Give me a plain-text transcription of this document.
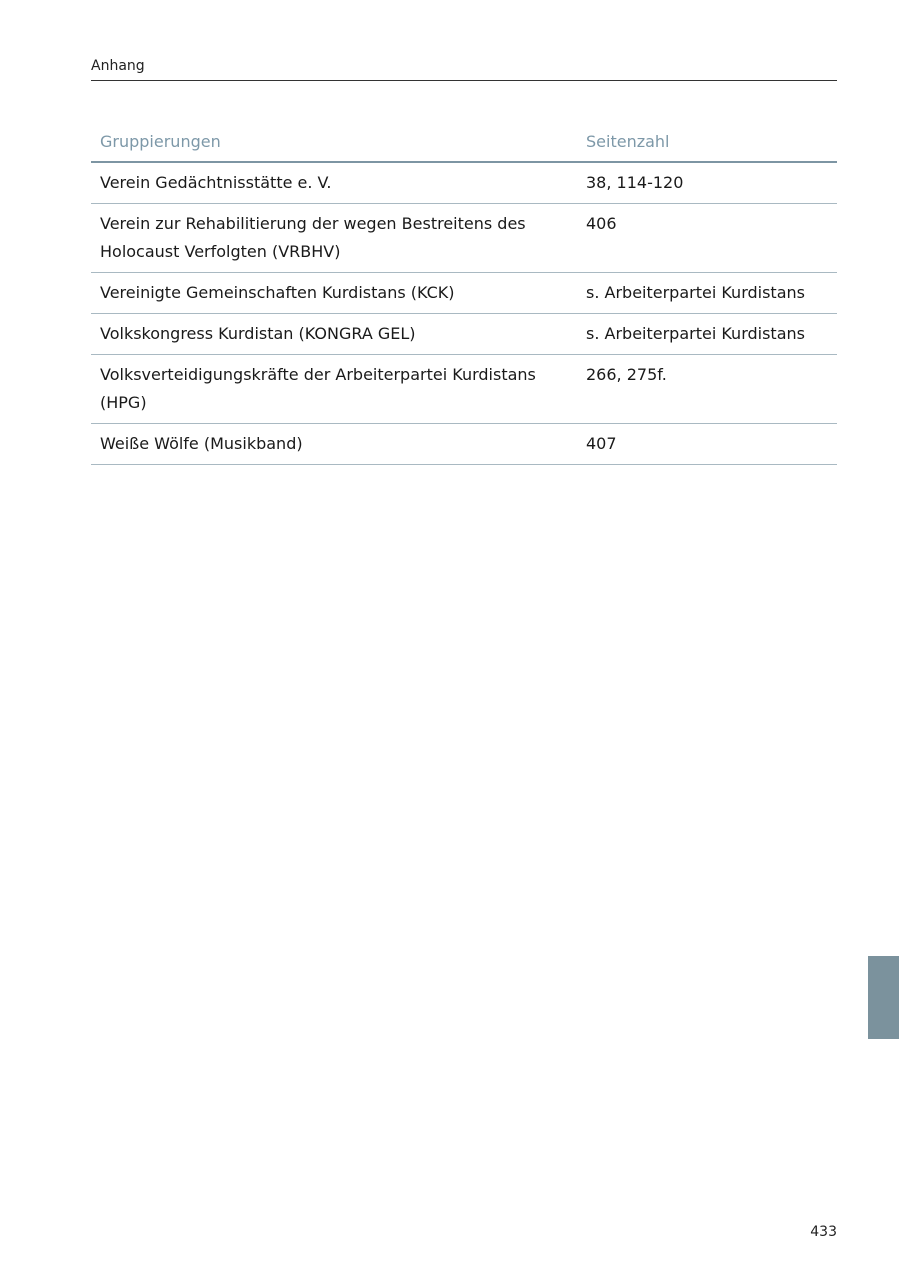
Anhang
Gruppierungen	Seitenzahl
Verein Gedächtnisstätte e. V.	38, 114-120
Verein zur Rehabilitierung der wegen Bestreitens des Holocaust Verfolgten (VRBHV)	406
Vereinigte Gemeinschaften Kurdistans (KCK)	s. Arbeiterpartei Kurdistans
Volkskongress Kurdistan (KONGRA GEL)	s. Arbeiterpartei Kurdistans
Volksverteidigungskräfte der Arbeiterpartei Kurdistans (HPG)	266, 275f.
Weiße Wölfe (Musikband)	407
433
